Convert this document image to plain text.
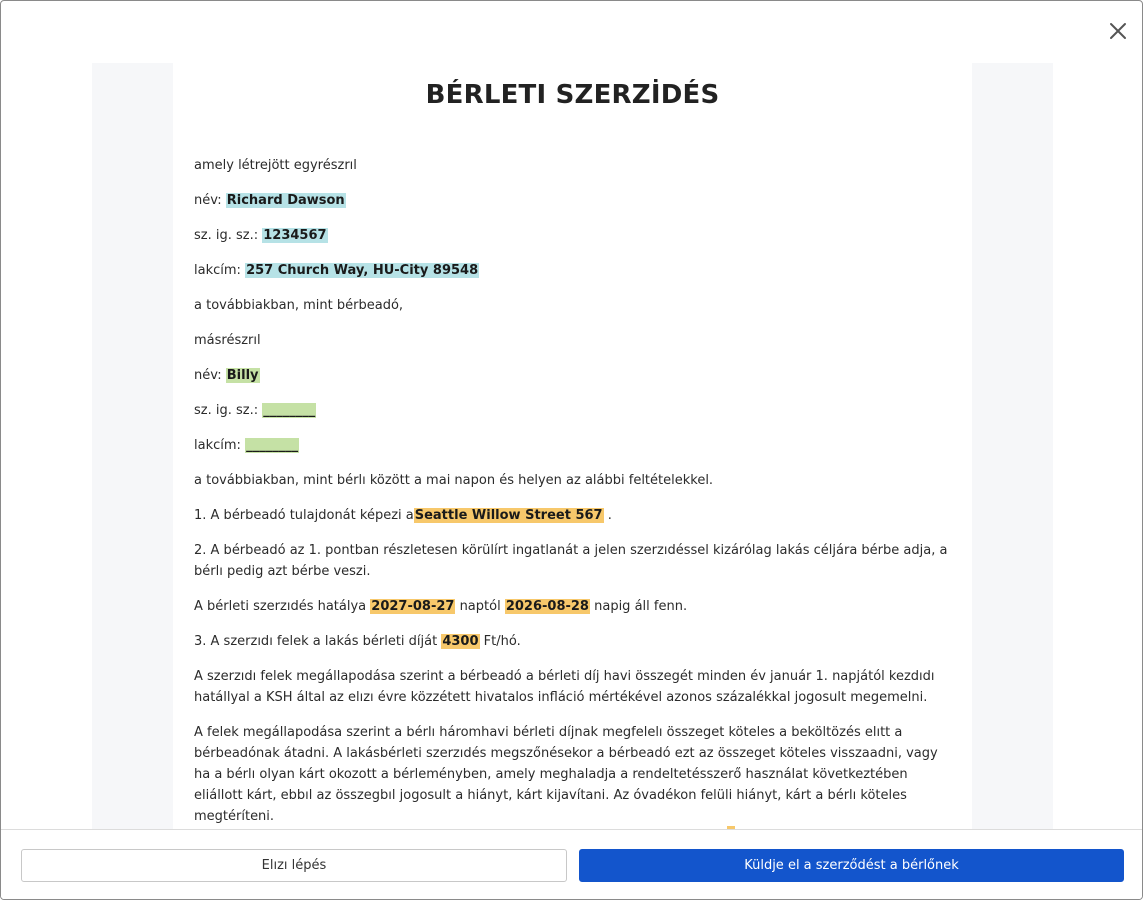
BÉRLETI SZERZİDÉS

amely létrejött egyrészrıl

név: Richard Dawson

sz. ig. sz.: 1234567

lakcím: 257 Church Way, HU-City 89548

a továbbiakban, mint bérbeadó,

másrészrıl

név: Billy

sz. ig. sz.: ________

lakcím: ________

a továbbiakban, mint bérlı között a mai napon és helyen az alábbi feltételekkel.

1. A bérbeadó tulajdonát képezi aSeattle Willow Street 567 .

2. A bérbeadó az 1. pontban részletesen körülírt ingatlanát a jelen szerzıdéssel kizárólag lakás céljára bérbe adja, a bérlı pedig azt bérbe veszi.

A bérleti szerzıdés hatálya 2027-08-27 naptól 2026-08-28 napig áll fenn.

3. A szerzıdı felek a lakás bérleti díját 4300 Ft/hó.

A szerzıdı felek megállapodása szerint a bérbeadó a bérleti díj havi összegét minden év január 1. napjától kezdıdı hatállyal a KSH által az elızı évre közzétett hivatalos infláció mértékével azonos százalékkal jogosult megemelni.

A felek megállapodása szerint a bérlı háromhavi bérleti díjnak megfelelı összeget köteles a beköltözés elıtt a bérbeadónak átadni. A lakásbérleti szerzıdés megszőnésekor a bérbeadó ezt az összeget köteles visszaadni, vagy ha a bérlı olyan kárt okozott a bérleményben, amely meghaladja a rendeltetésszerő használat következtében eliállott kárt, ebbıl az összegbıl jogosult a hiányt, kárt kijavítani. Az óvadékon felüli hiányt, kárt a bérlı köteles megtéríteni.

Elızı lépés	Küldje el a szerződést a bérlőnek
